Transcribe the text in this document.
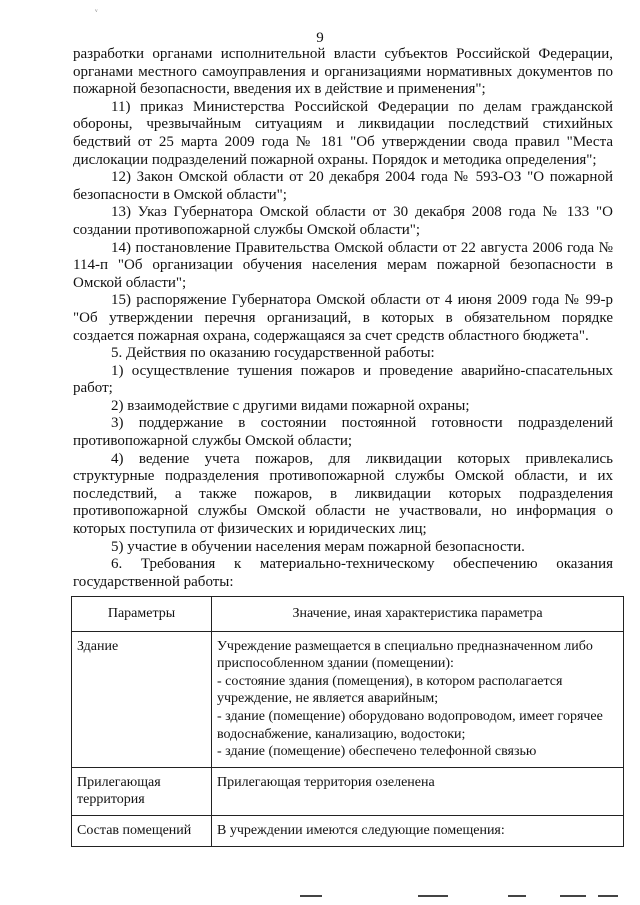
ᵥ
9

разработки органами исполнительной власти субъектов Российской Федерации, органами местного самоуправления и организациями нормативных документов по пожарной безопасности, введения их в действие и применения";

11) приказ Министерства Российской Федерации по делам гражданской обороны, чрезвычайным ситуациям и ликвидации последствий стихийных бедствий от 25 марта 2009 года № 181 "Об утверждении свода правил "Места дислокации подразделений пожарной охраны. Порядок и методика определения";

12) Закон Омской области от 20 декабря 2004 года № 593-ОЗ "О пожарной безопасности в Омской области";

13) Указ Губернатора Омской области от 30 декабря 2008 года № 133 "О создании противопожарной службы Омской области";

14) постановление Правительства Омской области от 22 августа 2006 года № 114-п "Об организации обучения населения мерам пожарной безопасности в Омской области";

15) распоряжение Губернатора Омской области от 4 июня 2009 года № 99-р "Об утверждении перечня организаций, в которых в обязательном порядке создается пожарная охрана, содержащаяся за счет средств областного бюджета".

5. Действия по оказанию государственной работы:

1) осуществление тушения пожаров и проведение аварийно-спасательных работ;

2) взаимодействие с другими видами пожарной охраны;

3) поддержание в состоянии постоянной готовности подразделений противопожарной службы Омской области;

4) ведение учета пожаров, для ликвидации которых привлекались структурные подразделения противопожарной службы Омской области, и их последствий, а также пожаров, в ликвидации которых подразделения противопожарной службы Омской области не участвовали, но информация о которых поступила от физических и юридических лиц;

5) участие в обучении населения мерам пожарной безопасности.

6. Требования к материально-техническому обеспечению оказания государственной работы:

Параметры	Значение, иная характеристика параметра
Здание	Учреждение размещается в специально предназначенном либо приспособленном здании (помещении):
- состояние здания (помещения), в котором располагается учреждение, не является аварийным;
- здание (помещение) оборудовано водопроводом, имеет горячее водоснабжение, канализацию, водостоки;
- здание (помещение) обеспечено телефонной связью

Прилегающая территория	Прилегающая территория озеленена

Состав помещений	В учреждении имеются следующие помещения:
